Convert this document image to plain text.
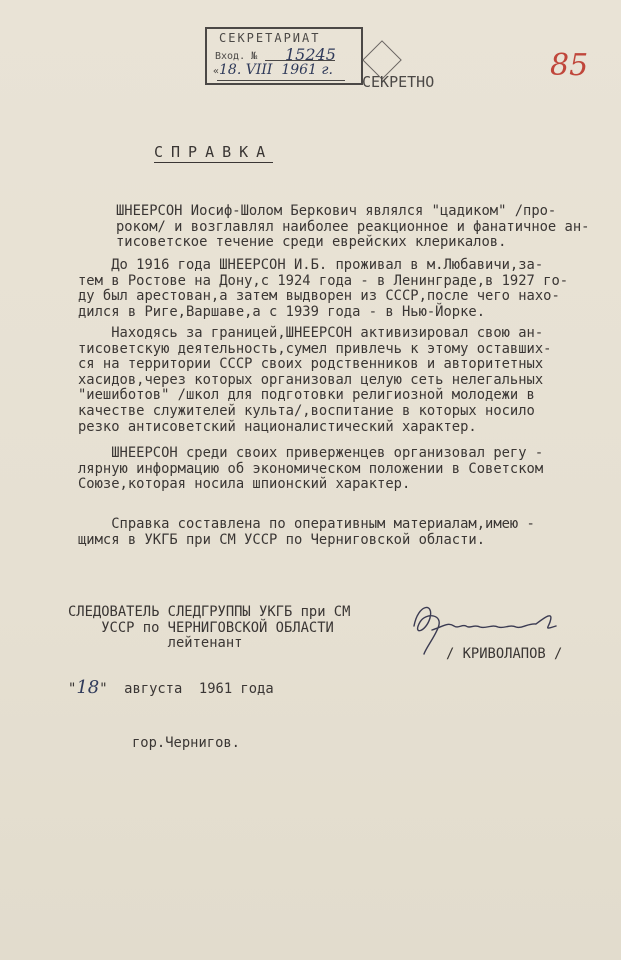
СЕКРЕТАРИАТ
Вход. № 15245
« 18. VIII 1961 г.
СЕКРЕТНО	85
СПРАВКА
ШНЕЕРСОН Иосиф-Шолом Беркович являлся "цадиком" /про-
роком/ и возглавлял наиболее реакционное и фанатичное ан-
тисоветское течение среди еврейских клерикалов.
До 1916 года ШНЕЕРСОН И.Б. проживал в м.Любавичи,за-
тем в Ростове на Дону,с 1924 года - в Ленинграде,в 1927 го-
ду был арестован,а затем выдворен из СССР,после чего нахо-
дился в Риге,Варшаве,а с 1939 года - в Нью-Йорке.
Находясь за границей,ШНЕЕРСОН активизировал свою ан-
тисоветскую деятельность,сумел привлечь к этому оставших-
ся на территории СССР своих родственников и авторитетных
хасидов,через которых организовал целую сеть нелегальных
"иешиботов" /школ для подготовки религиозной молодежи в
качестве служителей культа/,воспитание в которых носило
резко антисоветский националистический характер.
ШНЕЕРСОН среди своих приверженцев организовал регу -
лярную информацию об экономическом положении в Советском
Союзе,которая носила шпионский характер.
Справка составлена по оперативным материалам,имею -
щимся в УКГБ при СМ УССР по Черниговской области.
СЛЕДОВАТЕЛЬ СЛЕДГРУППЫ УКГБ при СМ
УССР по ЧЕРНИГОВСКОЙ ОБЛАСТИ
лейтенант
/ КРИВОЛАПОВ /
"18"  августа  1961 года
гор.Чернигов.
